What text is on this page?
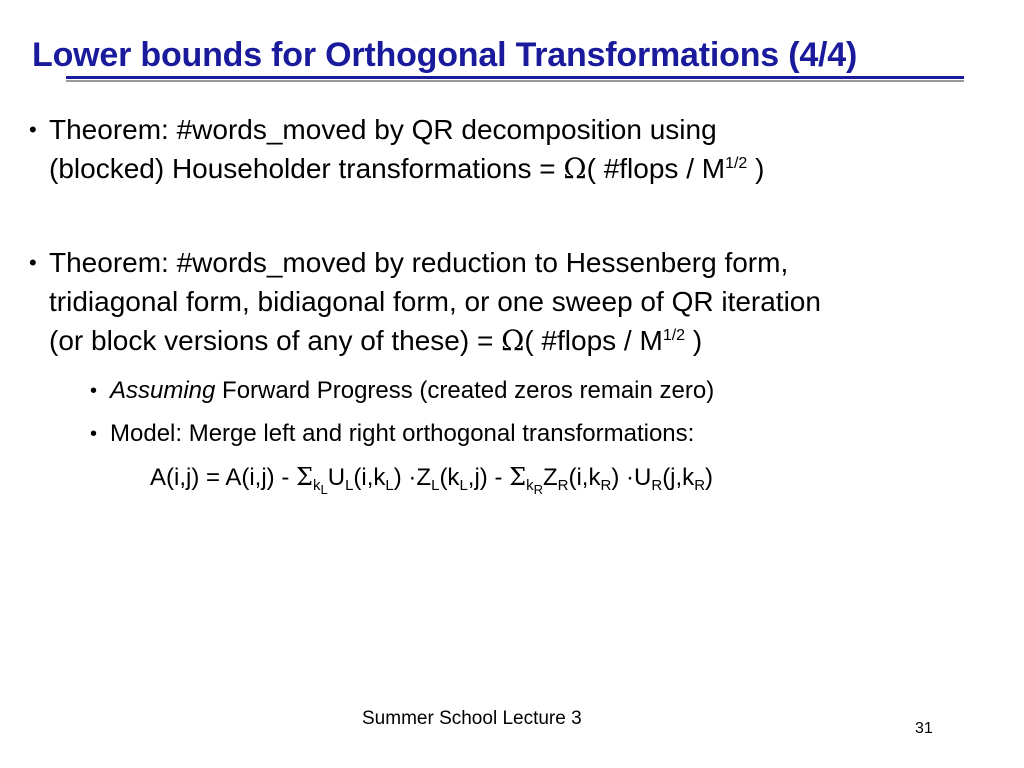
Lower bounds for Orthogonal Transformations (4/4)
• Theorem: #words_moved by QR decomposition using
(blocked) Householder transformations = Ω( #flops / $M^{1/2}$ )
• Theorem: #words_moved by reduction to Hessenberg form,
tridiagonal form, bidiagonal form, or one sweep of QR iteration
(or block versions of any of these) = Ω( #flops / $M^{1/2}$ )
• Assuming Forward Progress (created zeros remain zero)
• Model: Merge left and right orthogonal transformations:
$A(i,j) = A(i,j) - \Sigma_{k_L}U_L(i,k_L) \cdot Z_L(k_L,j) - \Sigma_{k_R}Z_R(i,k_R) \cdot U_R(j,k_R)$
Summer School Lecture 3	31
